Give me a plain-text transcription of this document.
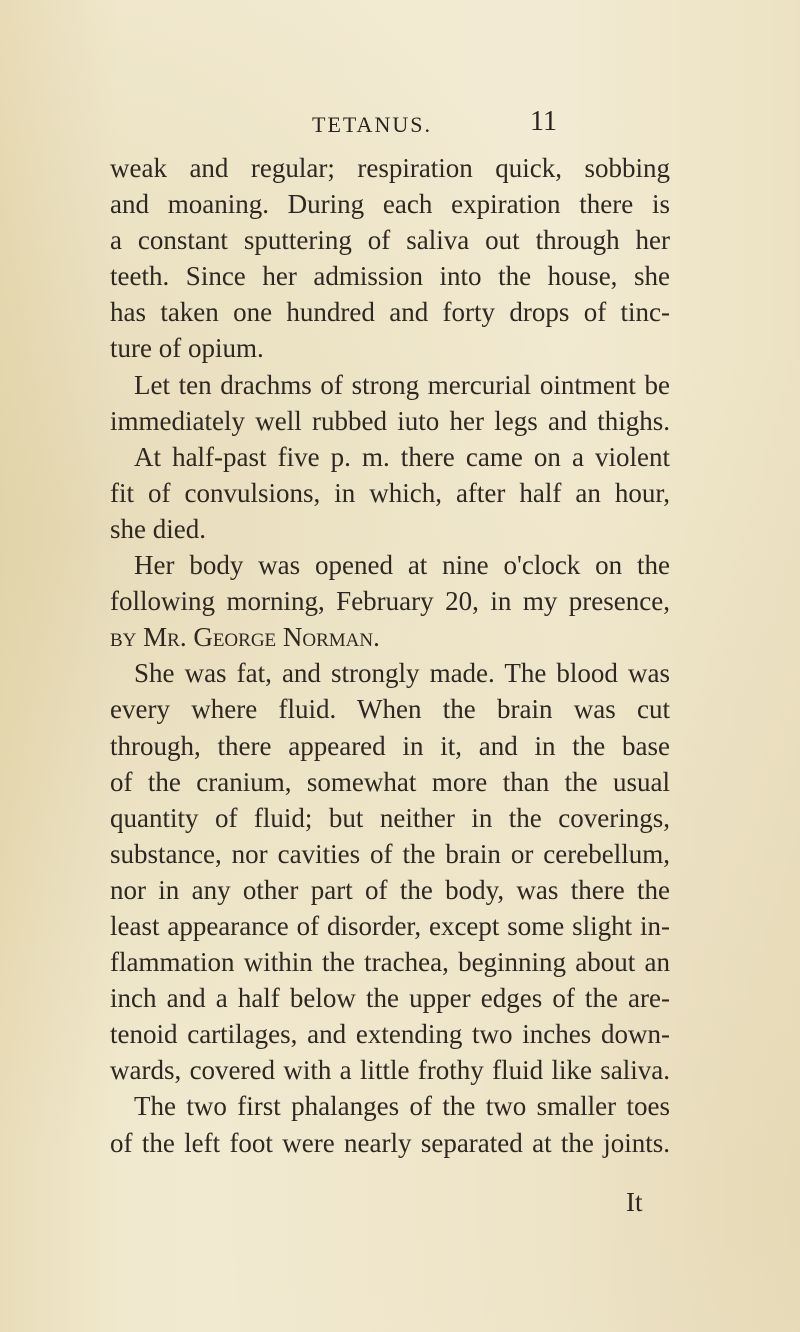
TETANUS.	11
weak and regular; respiration quick, sobbing
and moaning. During each expiration there is
a constant sputtering of saliva out through her
teeth. Since her admission into the house, she
has taken one hundred and forty drops of tinc-
ture of opium.
Let ten drachms of strong mercurial ointment be
immediately well rubbed iuto her legs and thighs.
At half-past five p. m. there came on a violent
fit of convulsions, in which, after half an hour,
she died.
Her body was opened at nine o'clock on the
following morning, February 20, in my presence,
by Mr. George Norman.
She was fat, and strongly made. The blood was
every where fluid. When the brain was cut
through, there appeared in it, and in the base
of the cranium, somewhat more than the usual
quantity of fluid; but neither in the coverings,
substance, nor cavities of the brain or cerebellum,
nor in any other part of the body, was there the
least appearance of disorder, except some slight in-
flammation within the trachea, beginning about an
inch and a half below the upper edges of the are-
tenoid cartilages, and extending two inches down-
wards, covered with a little frothy fluid like saliva.
The two first phalanges of the two smaller toes
of the left foot were nearly separated at the joints.
It
